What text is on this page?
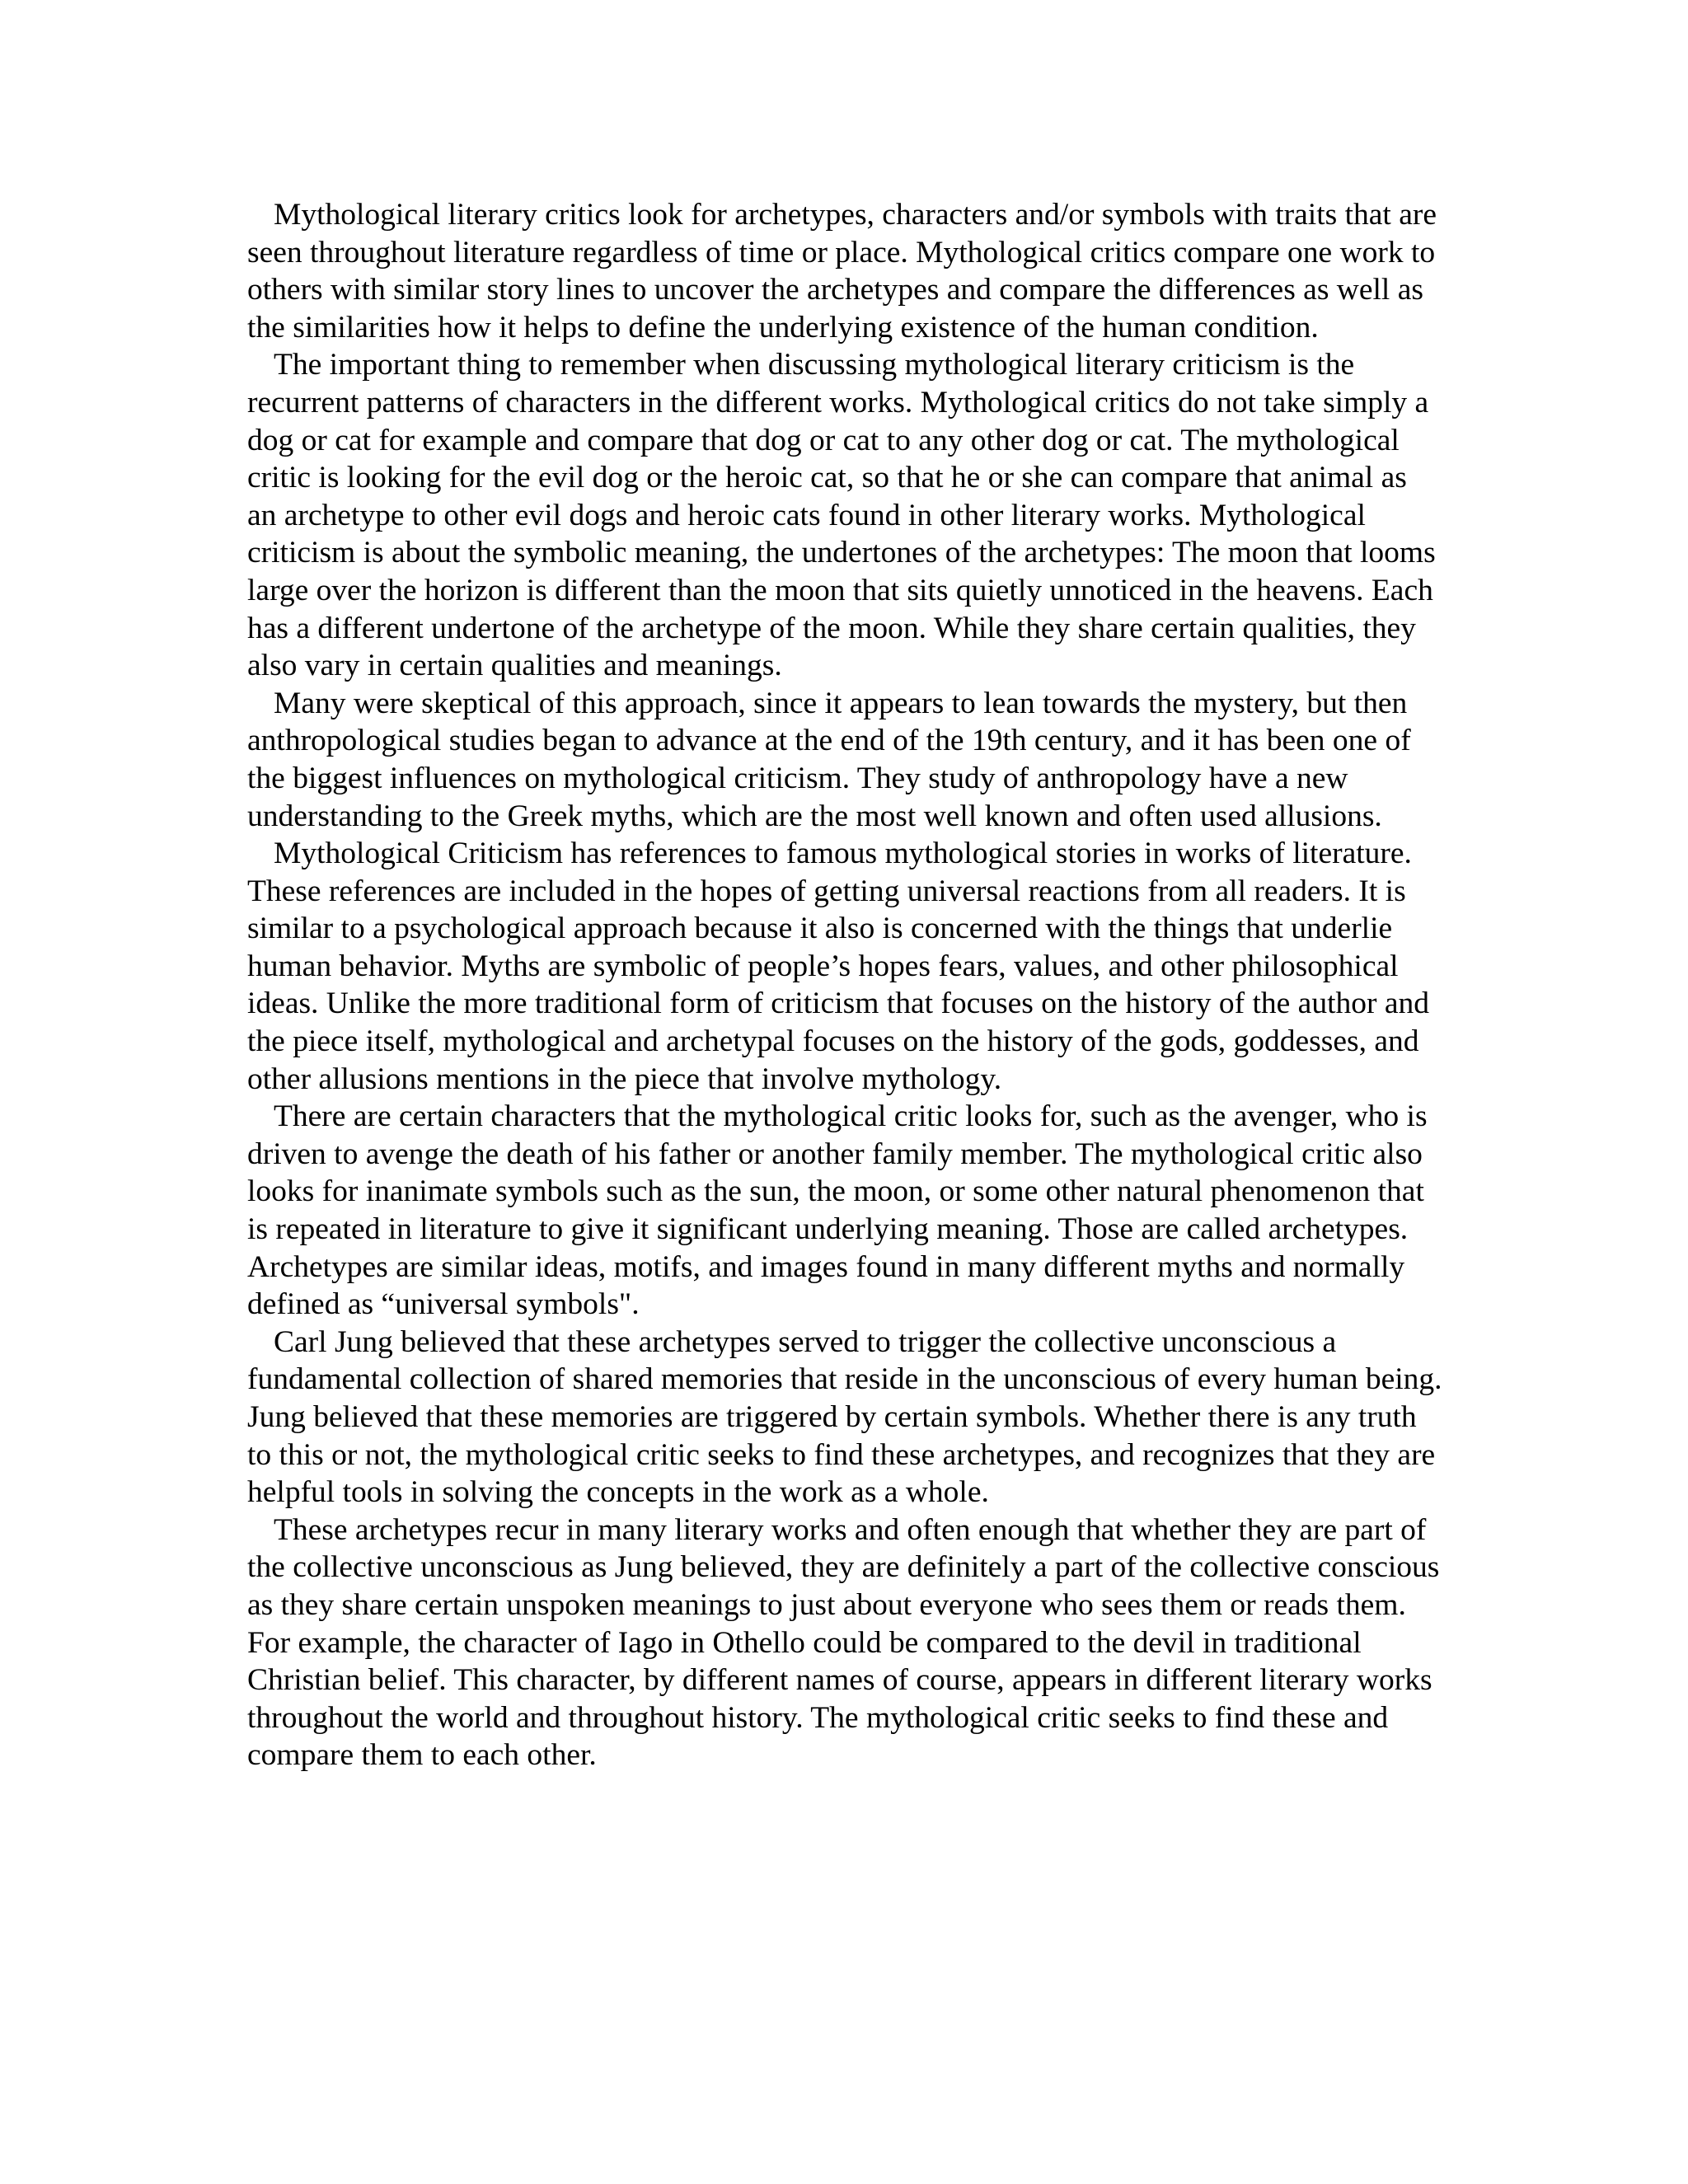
Mythological literary critics look for archetypes, characters and/or symbols with traits that are seen throughout literature regardless of time or place. Mythological critics compare one work to others with similar story lines to uncover the archetypes and compare the differences as well as the similarities how it helps to define the underlying existence of the human condition.

The important thing to remember when discussing mythological literary criticism is the recurrent patterns of characters in the different works. Mythological critics do not take simply a dog or cat for example and compare that dog or cat to any other dog or cat. The mythological critic is looking for the evil dog or the heroic cat, so that he or she can compare that animal as an archetype to other evil dogs and heroic cats found in other literary works. Mythological criticism is about the symbolic meaning, the undertones of the archetypes: The moon that looms large over the horizon is different than the moon that sits quietly unnoticed in the heavens. Each has a different undertone of the archetype of the moon. While they share certain qualities, they also vary in certain qualities and meanings.

Many were skeptical of this approach, since it appears to lean towards the mystery, but then anthropological studies began to advance at the end of the 19th century, and it has been one of the biggest influences on mythological criticism. They study of anthropology have a new understanding to the Greek myths, which are the most well known and often used allusions.

Mythological Criticism has references to famous mythological stories in works of literature. These references are included in the hopes of getting universal reactions from all readers. It is similar to a psychological approach because it also is concerned with the things that underlie human behavior. Myths are symbolic of people’s hopes fears, values, and other philosophical ideas. Unlike the more traditional form of criticism that focuses on the history of the author and the piece itself, mythological and archetypal focuses on the history of the gods, goddesses, and other allusions mentions in the piece that involve mythology.

There are certain characters that the mythological critic looks for, such as the avenger, who is driven to avenge the death of his father or another family member. The mythological critic also looks for inanimate symbols such as the sun, the moon, or some other natural phenomenon that is repeated in literature to give it significant underlying meaning. Those are called archetypes. Archetypes are similar ideas, motifs, and images found in many different myths and normally defined as “universal symbols".

Carl Jung believed that these archetypes served to trigger the collective unconscious a fundamental collection of shared memories that reside in the unconscious of every human being. Jung believed that these memories are triggered by certain symbols. Whether there is any truth to this or not, the mythological critic seeks to find these archetypes, and recognizes that they are helpful tools in solving the concepts in the work as a whole.

These archetypes recur in many literary works and often enough that whether they are part of the collective unconscious as Jung believed, they are definitely a part of the collective conscious as they share certain unspoken meanings to just about everyone who sees them or reads them. For example, the character of Iago in Othello could be compared to the devil in traditional Christian belief. This character, by different names of course, appears in different literary works throughout the world and throughout history. The mythological critic seeks to find these and compare them to each other.
